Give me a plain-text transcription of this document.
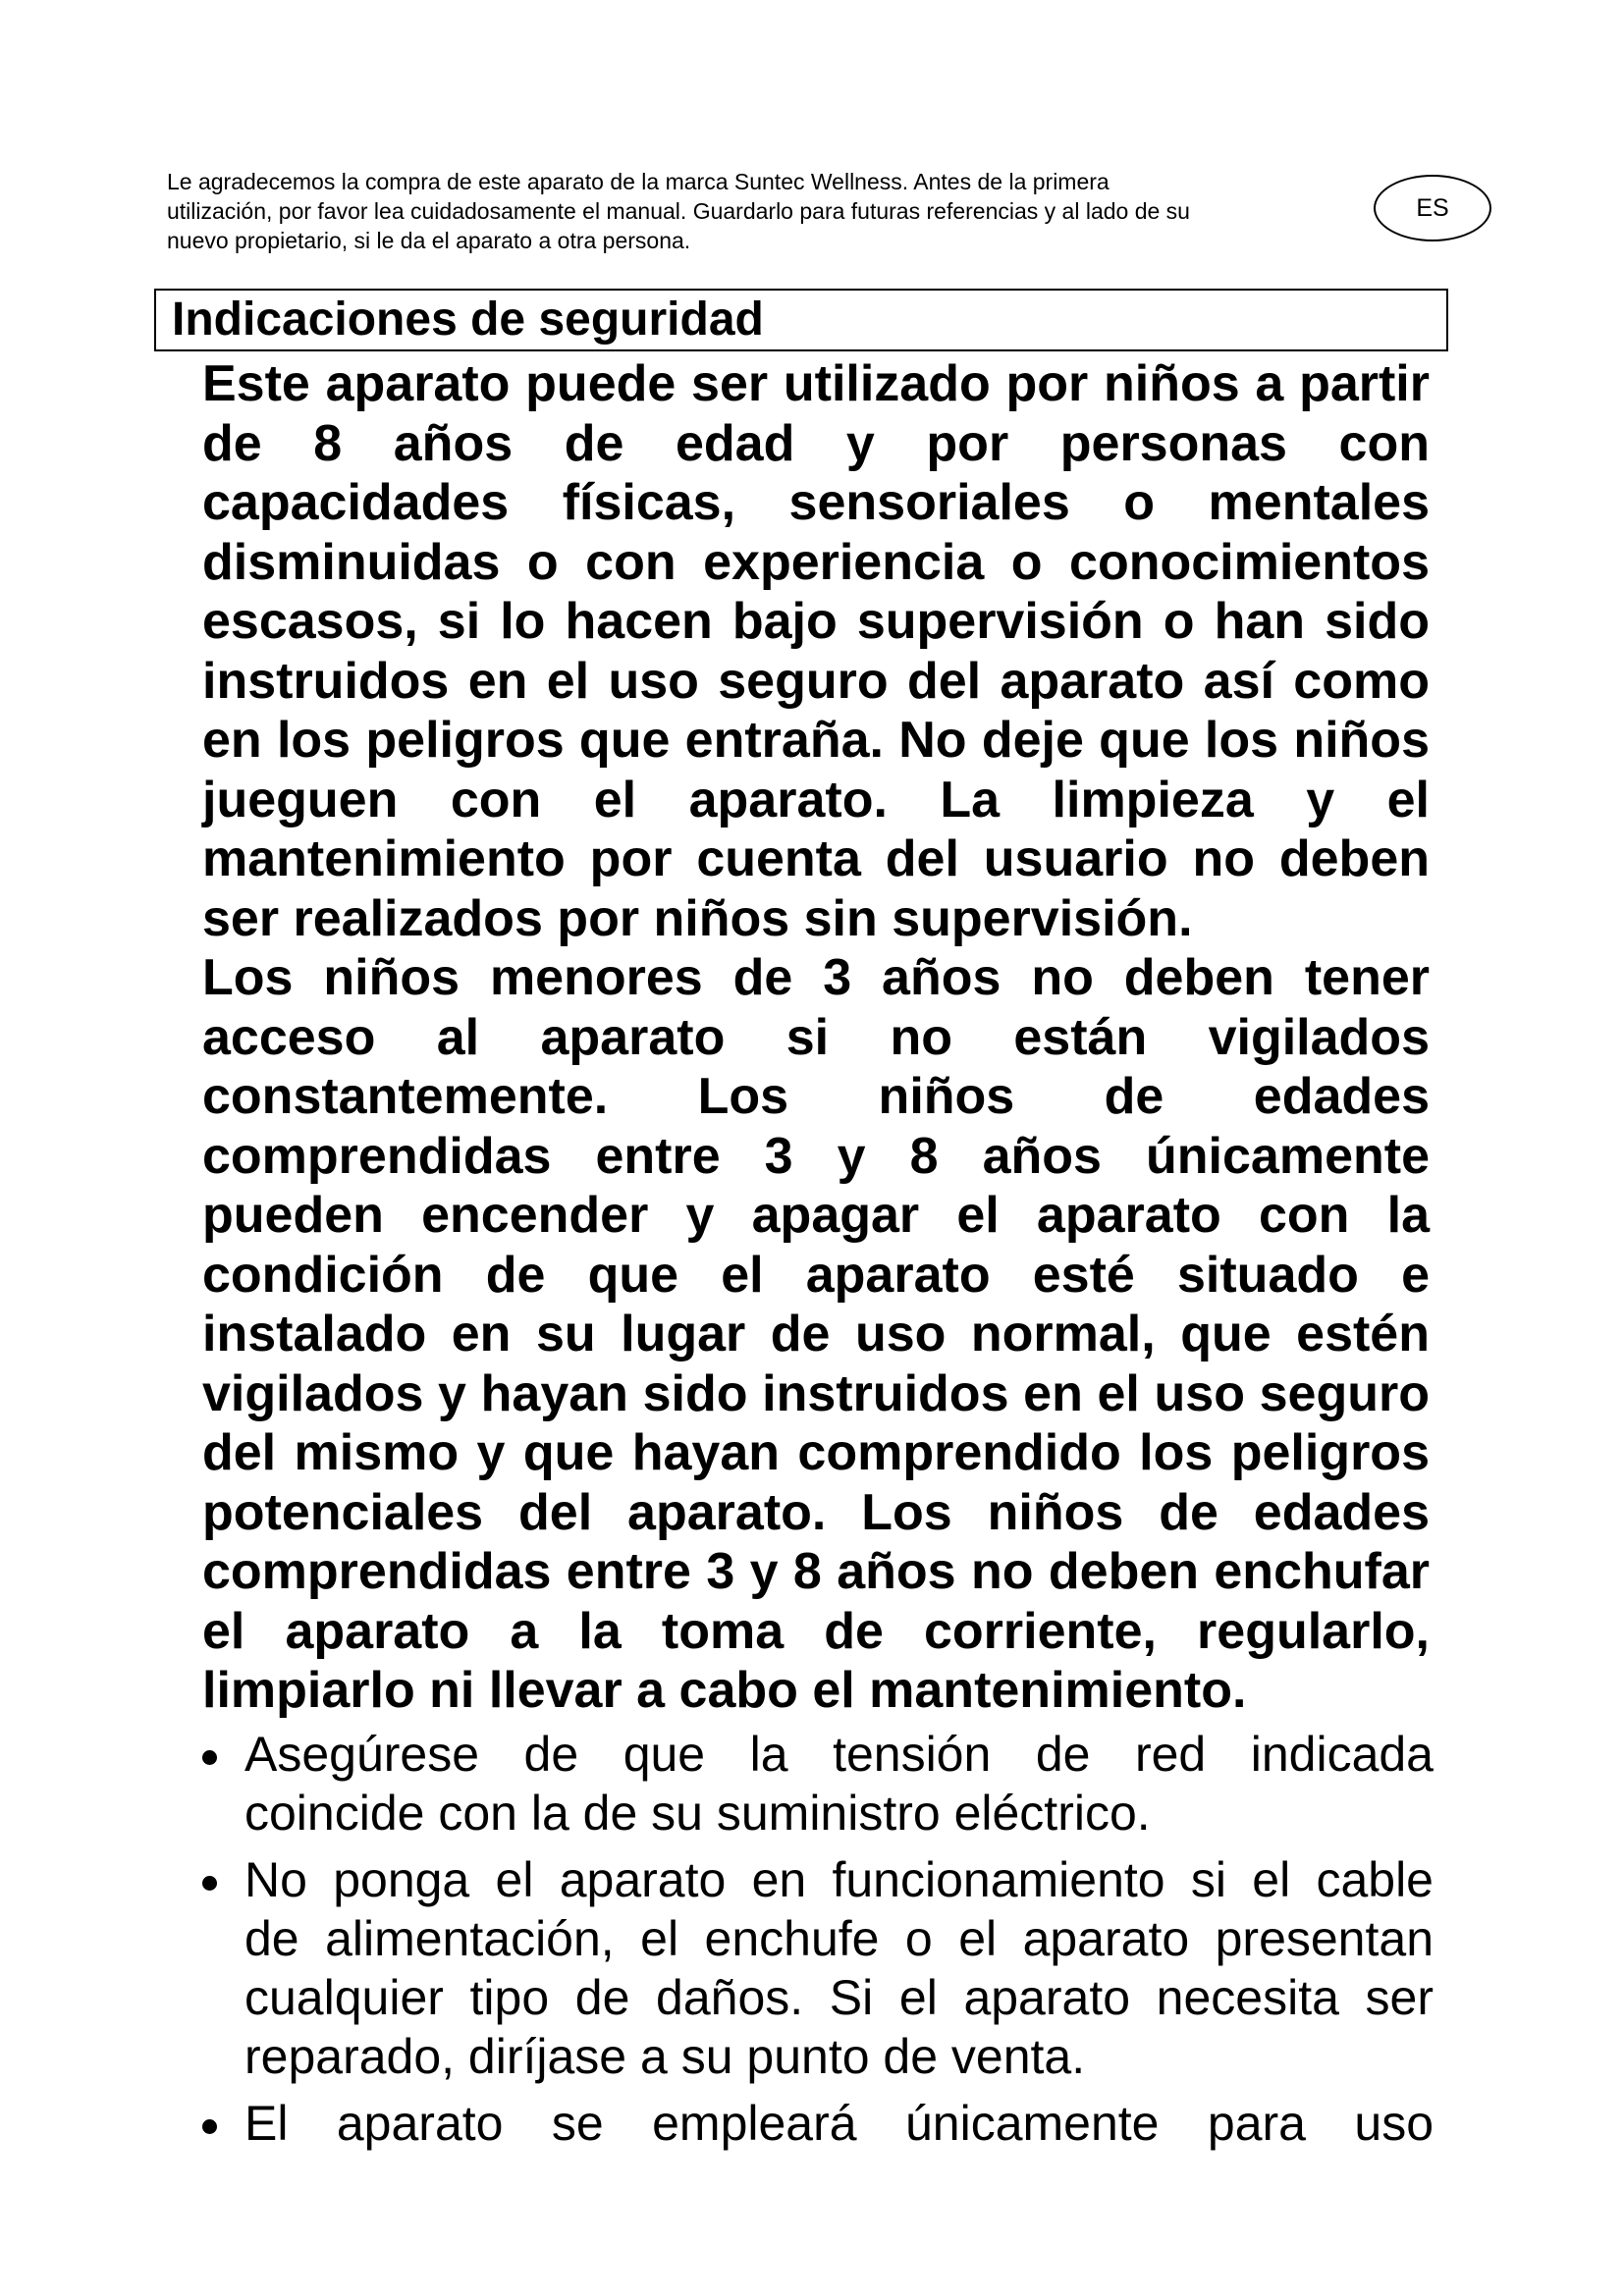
Le agradecemos la compra de este aparato de la marca Suntec Wellness. Antes de la primera
utilización, por favor lea cuidadosamente el manual. Guardarlo para futuras referencias y al lado de su
nuevo propietario, si le da el aparato a otra persona.

ES
Indicaciones de seguridad

Este aparato puede ser utilizado por niños a partir
de 8 años de edad y por personas con
capacidades físicas, sensoriales o mentales
disminuidas o con experiencia o conocimientos
escasos, si lo hacen bajo supervisión o han sido
instruidos en el uso seguro del aparato así como
en los peligros que entraña. No deje que los niños
jueguen con el aparato. La limpieza y el
mantenimiento por cuenta del usuario no deben
ser realizados por niños sin supervisión.
Los niños menores de 3 años no deben tener
acceso al aparato si no están vigilados
constantemente. Los niños de edades
comprendidas entre 3 y 8 años únicamente
pueden encender y apagar el aparato con la
condición de que el aparato esté situado e
instalado en su lugar de uso normal, que estén
vigilados y hayan sido instruidos en el uso seguro
del mismo y que hayan comprendido los peligros
potenciales del aparato. Los niños de edades
comprendidas entre 3 y 8 años no deben enchufar
el aparato a la toma de corriente, regularlo,
limpiarlo ni llevar a cabo el mantenimiento.

Asegúrese de que la tensión de red indicada
coincide con la de su suministro eléctrico.
No ponga el aparato en funcionamiento si el cable
de alimentación, el enchufe o el aparato presentan
cualquier tipo de daños. Si el aparato necesita ser
reparado, diríjase a su punto de venta.
El aparato se empleará únicamente para uso
